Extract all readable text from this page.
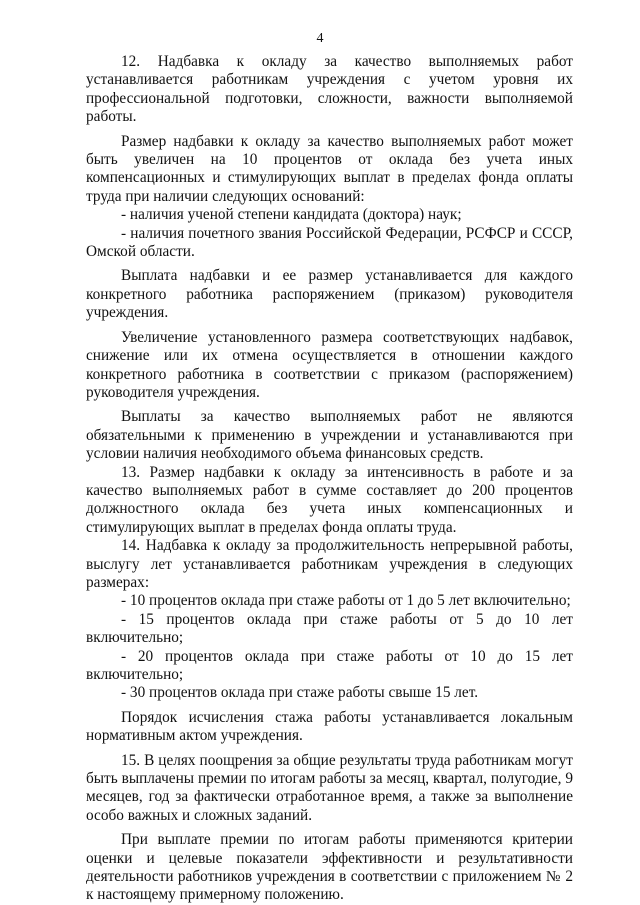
4

12. Надбавка к окладу за качество выполняемых работ устанавливается работникам учреждения с учетом уровня их профессиональной подготовки, сложности, важности выполняемой работы.

Размер надбавки к окладу за качество выполняемых работ может быть увеличен на 10 процентов от оклада без учета иных компенсационных и стимулирующих выплат в пределах фонда оплаты труда при наличии следующих оснований:

- наличия ученой степени кандидата (доктора) наук;

- наличия почетного звания Российской Федерации, РСФСР и СССР, Омской области.

Выплата надбавки и ее размер устанавливается для каждого конкретного работника распоряжением (приказом) руководителя учреждения.

Увеличение установленного размера соответствующих надбавок, снижение или их отмена осуществляется в отношении каждого конкретного работника в соответствии с приказом (распоряжением) руководителя учреждения.

Выплаты за качество выполняемых работ не являются обязательными к применению в учреждении и устанавливаются при условии наличия необходимого объема финансовых средств.

13. Размер надбавки к окладу за интенсивность в работе и за качество выполняемых работ в сумме составляет до 200 процентов должностного оклада без учета иных компенсационных и стимулирующих выплат в пределах фонда оплаты труда.

14. Надбавка к окладу за продолжительность непрерывной работы, выслугу лет устанавливается работникам учреждения в следующих размерах:

- 10 процентов оклада при стаже работы от 1 до 5 лет включительно;

- 15 процентов оклада при стаже работы от 5 до 10 лет включительно;

- 20 процентов оклада при стаже работы от 10 до 15 лет включительно;

- 30 процентов оклада при стаже работы свыше 15 лет.

Порядок исчисления стажа работы устанавливается локальным нормативным актом учреждения.

15. В целях поощрения за общие результаты труда работникам могут быть выплачены премии по итогам работы за месяц, квартал, полугодие, 9 месяцев, год за фактически отработанное время, а также за выполнение особо важных и сложных заданий.

При выплате премии по итогам работы применяются критерии оценки и целевые показатели эффективности и результативности деятельности работников учреждения в соответствии с приложением № 2 к настоящему примерному положению.
